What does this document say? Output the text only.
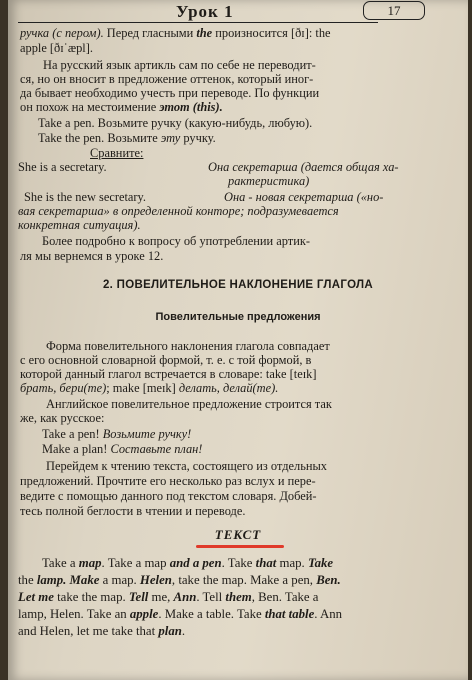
Урок 1	17
ручка (с пером). Перед гласными the произносится [ðɪ]: the
apple [ðɪˈæpl].
На русский язык артикль сам по себе не переводит-
ся, но он вносит в предложение оттенок, который иног-
да бывает необходимо учесть при переводе. По функции
он похож на местоимение этот (this).
Take a pen. Возьмите ручку (какую-нибудь, любую).
Take the pen. Возьмите эту ручку.
Сравните:
She is a secretary.	Она секретарша (дается общая ха-
рактеристика)
She is the new secretary.	Она - новая секретарша («но-
вая секретарша» в определенной конторе; подразумевается
конкретная ситуация).
Более подробно к вопросу об употреблении артик-
ля мы вернемся в уроке 12.
2. ПОВЕЛИТЕЛЬНОЕ НАКЛОНЕНИЕ ГЛАГОЛА
Повелительные предложения
Форма повелительного наклонения глагола совпадает
с его основной словарной формой, т. е. с той формой, в
которой данный глагол встречается в словаре: take [teɪk]
брать, бери(те); make [meɪk] делать, делай(те).
Английское повелительное предложение строится так
же, как русское:
Take a pen! Возьмите ручку!
Make a plan! Составьте план!
Перейдем к чтению текста, состоящего из отдельных
предложений. Прочтите его несколько раз вслух и пере-
ведите с помощью данного под текстом словаря. Добей-
тесь полной беглости в чтении и переводе.
ТЕКСТ
Take a map. Take a map and a pen. Take that map. Take
the lamp. Make a map. Helen, take the map. Make a pen, Ben.
Let me take the map. Tell me, Ann. Tell them, Ben. Take a
lamp, Helen. Take an apple. Make a table. Take that table. Ann
and Helen, let me take that plan.
